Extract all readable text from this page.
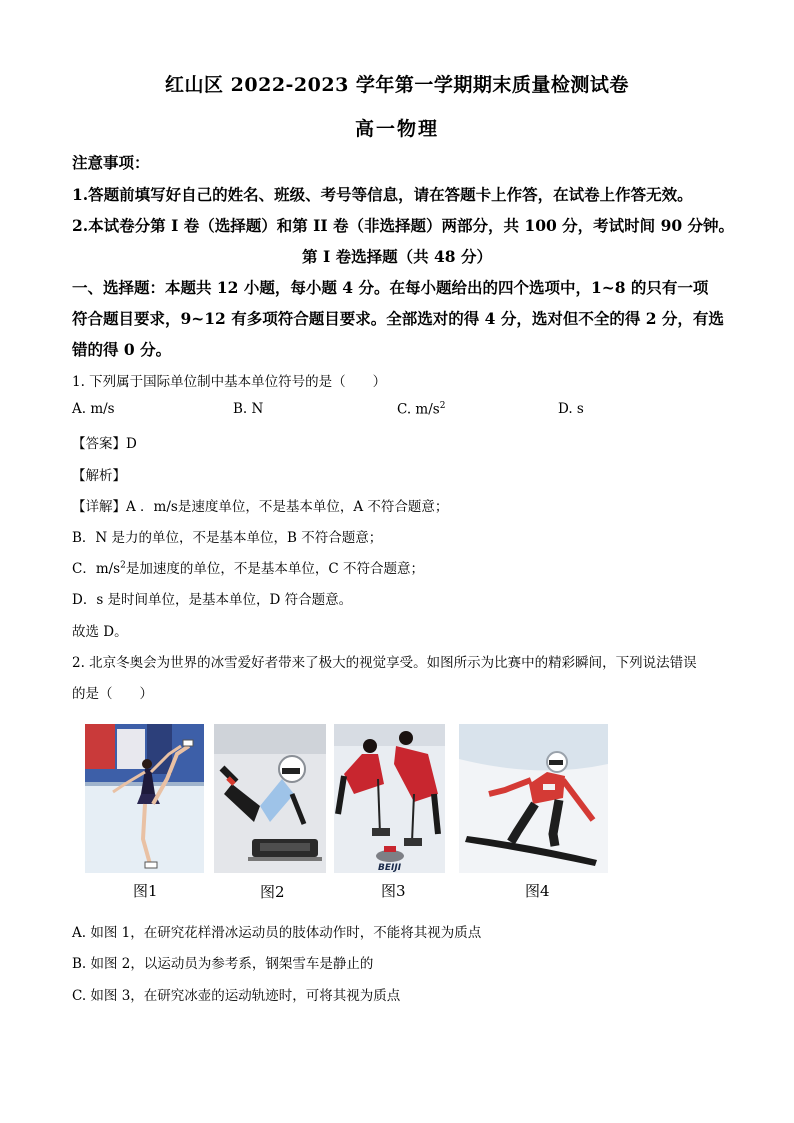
红山区 2022-2023 学年第一学期期末质量检测试卷
高一物理
注意事项：
1.答题前填写好自己的姓名、班级、考号等信息，请在答题卡上作答，在试卷上作答无效。
2.本试卷分第 I 卷（选择题）和第 II 卷（非选择题）两部分，共 100 分，考试时间 90 分钟。
第 I 卷选择题（共 48 分）
一、选择题：本题共 12 小题，每小题 4 分。在每小题给出的四个选项中，1~8 的只有一项
符合题目要求，9~12 有多项符合题目要求。全部选对的得 4 分，选对但不全的得 2 分，有选
错的得 0 分。
1. 下列属于国际单位制中基本单位符号的是（　　）
A. m/s	B. N	C. $m/s^2$	D. s
【答案】D
【解析】
【详解】A ．m/s是速度单位，不是基本单位，A 不符合题意；
B．N 是力的单位，不是基本单位，B 不符合题意；
C．$m/s^2$是加速度的单位，不是基本单位，C 不符合题意；
D．s 是时间单位，是基本单位，D 符合题意。
故选 D。
2. 北京冬奥会为世界的冰雪爱好者带来了极大的视觉享受。如图所示为比赛中的精彩瞬间，下列说法错误
的是（　　）
BEIJI
图1	图2	图3	图4
A. 如图 1，在研究花样滑冰运动员的肢体动作时，不能将其视为质点
B. 如图 2，以运动员为参考系，钢架雪车是静止的
C. 如图 3，在研究冰壶的运动轨迹时，可将其视为质点
